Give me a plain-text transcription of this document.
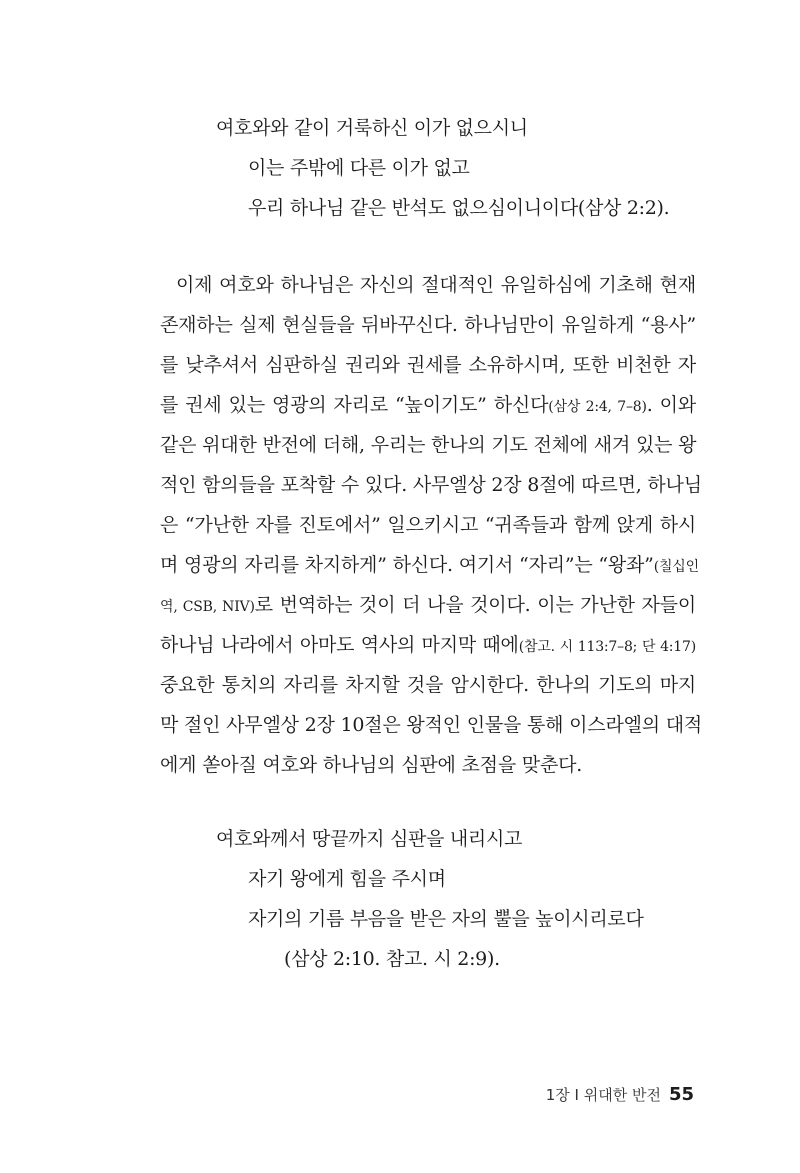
여호와와 같이 거룩하신 이가 없으시니
이는 주밖에 다른 이가 없고
우리 하나님 같은 반석도 없으심이니이다(삼상 2:2).
이제 여호와 하나님은 자신의 절대적인 유일하심에 기초해 현재
존재하는 실제 현실들을 뒤바꾸신다. 하나님만이 유일하게 “용사”
를 낮추셔서 심판하실 권리와 권세를 소유하시며, 또한 비천한 자
를 권세 있는 영광의 자리로 “높이기도” 하신다(삼상 2:4, 7–8). 이와
같은 위대한 반전에 더해, 우리는 한나의 기도 전체에 새겨 있는 왕
적인 함의들을 포착할 수 있다. 사무엘상 2장 8절에 따르면, 하나님
은 “가난한 자를 진토에서” 일으키시고 “귀족들과 함께 앉게 하시
며 영광의 자리를 차지하게” 하신다. 여기서 “자리”는 “왕좌”(칠십인
역, CSB, NIV)로 번역하는 것이 더 나을 것이다. 이는 가난한 자들이
하나님 나라에서 아마도 역사의 마지막 때에(참고. 시 113:7–8; 단 4:17)
중요한 통치의 자리를 차지할 것을 암시한다. 한나의 기도의 마지
막 절인 사무엘상 2장 10절은 왕적인 인물을 통해 이스라엘의 대적
에게 쏟아질 여호와 하나님의 심판에 초점을 맞춘다.
여호와께서 땅끝까지 심판을 내리시고
자기 왕에게 힘을 주시며
자기의 기름 부음을 받은 자의 뿔을 높이시리로다
(삼상 2:10. 참고. 시 2:9).
1장 I 위대한 반전 55
